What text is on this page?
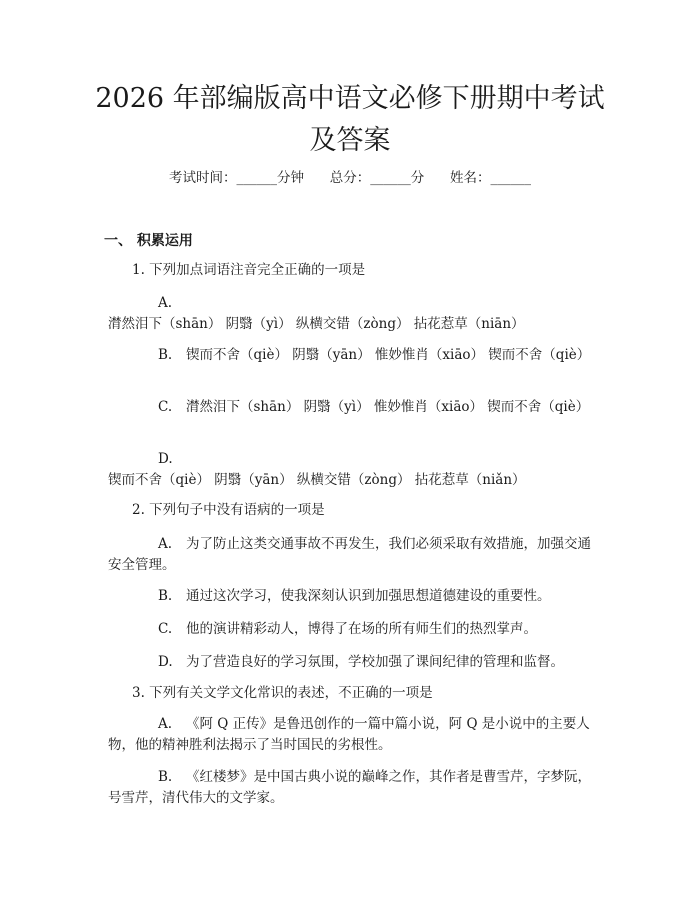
2026 年部编版高中语文必修下册期中考试及答案
考试时间：______分钟      总分：______分      姓名：______
一、 积累运用
1. 下列加点词语注音完全正确的一项是
A.潸然泪下（shān） 阴翳（yì） 纵横交错（zòng） 拈花惹草（niān）
B. 锲而不舍（qiè） 阴翳（yān） 惟妙惟肖（xiāo） 锲而不舍（qiè）
C. 潸然泪下（shān） 阴翳（yì） 惟妙惟肖（xiāo） 锲而不舍（qiè）
D.锲而不舍（qiè） 阴翳（yān） 纵横交错（zòng） 拈花惹草（niǎn）
2. 下列句子中没有语病的一项是
A. 为了防止这类交通事故不再发生，我们必须采取有效措施，加强交通安全管理。
B. 通过这次学习，使我深刻认识到加强思想道德建设的重要性。
C. 他的演讲精彩动人，博得了在场的所有师生们的热烈掌声。
D. 为了营造良好的学习氛围，学校加强了课间纪律的管理和监督。
3. 下列有关文学文化常识的表述，不正确的一项是
A. 《阿 Q 正传》是鲁迅创作的一篇中篇小说，阿 Q 是小说中的主要人物，他的精神胜利法揭示了当时国民的劣根性。
B. 《红楼梦》是中国古典小说的巅峰之作，其作者是曹雪芹，字梦阮，号雪芹，清代伟大的文学家。
